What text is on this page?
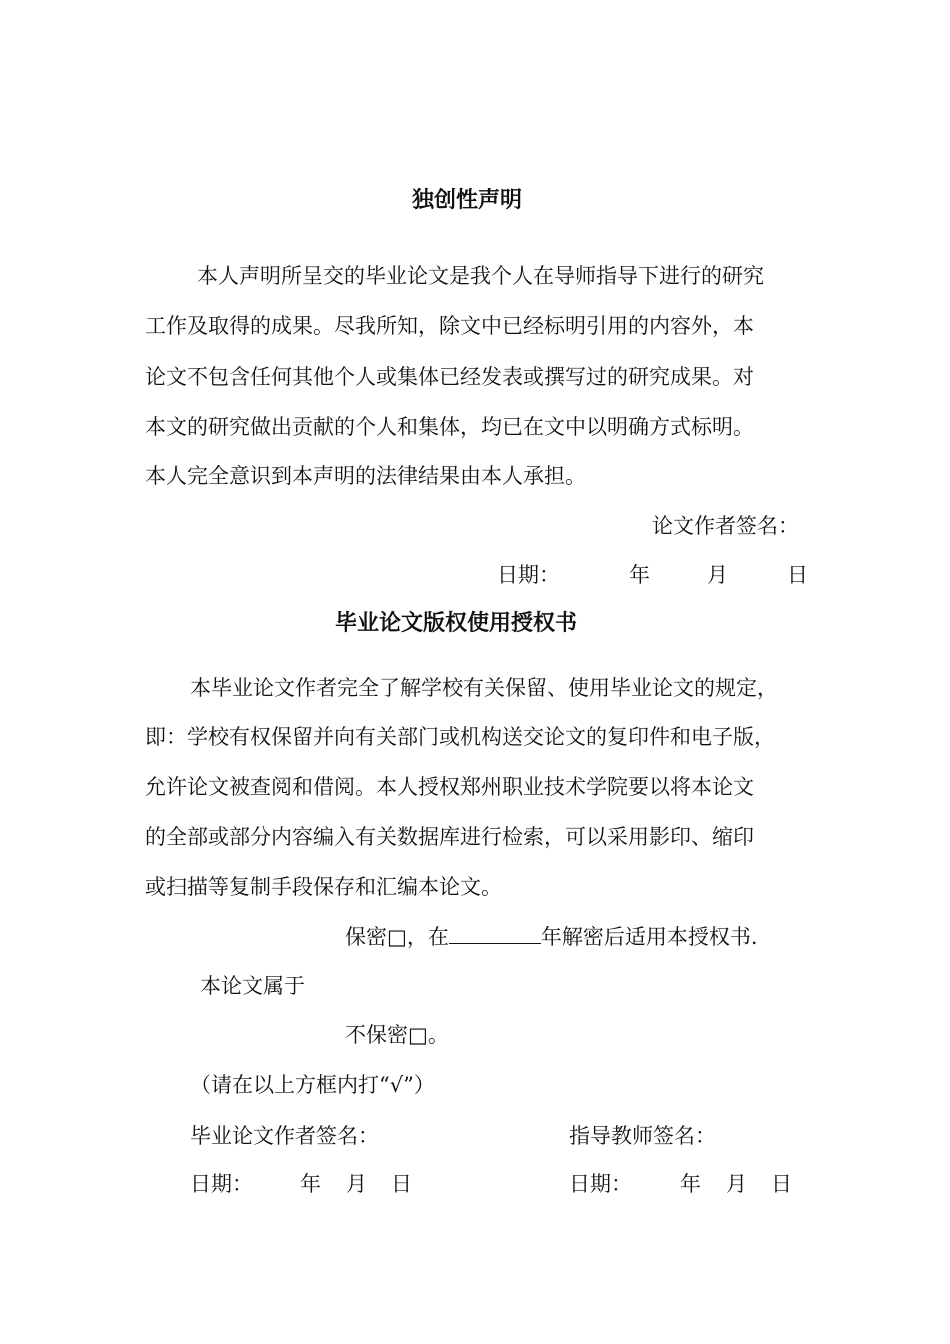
独创性声明
本人声明所呈交的毕业论文是我个人在导师指导下进行的研究
工作及取得的成果。尽我所知，除文中已经标明引用的内容外，本
论文不包含任何其他个人或集体已经发表或撰写过的研究成果。对
本文的研究做出贡献的个人和集体，均已在文中以明确方式标明。
本人完全意识到本声明的法律结果由本人承担。
论文作者签名：
日期：	年	月	日
毕业论文版权使用授权书
本毕业论文作者完全了解学校有关保留、使用毕业论文的规定，
即：学校有权保留并向有关部门或机构送交论文的复印件和电子版，
允许论文被查阅和借阅。本人授权郑州职业技术学院要以将本论文
的全部或部分内容编入有关数据库进行检索，可以采用影印、缩印
或扫描等复制手段保存和汇编本论文。
保密□，在	年解密后适用本授权书.
本论文属于
不保密□。
（请在以上方框内打“√”）
毕业论文作者签名：	指导教师签名：
日期： 年 月 日	日期： 年 月 日
